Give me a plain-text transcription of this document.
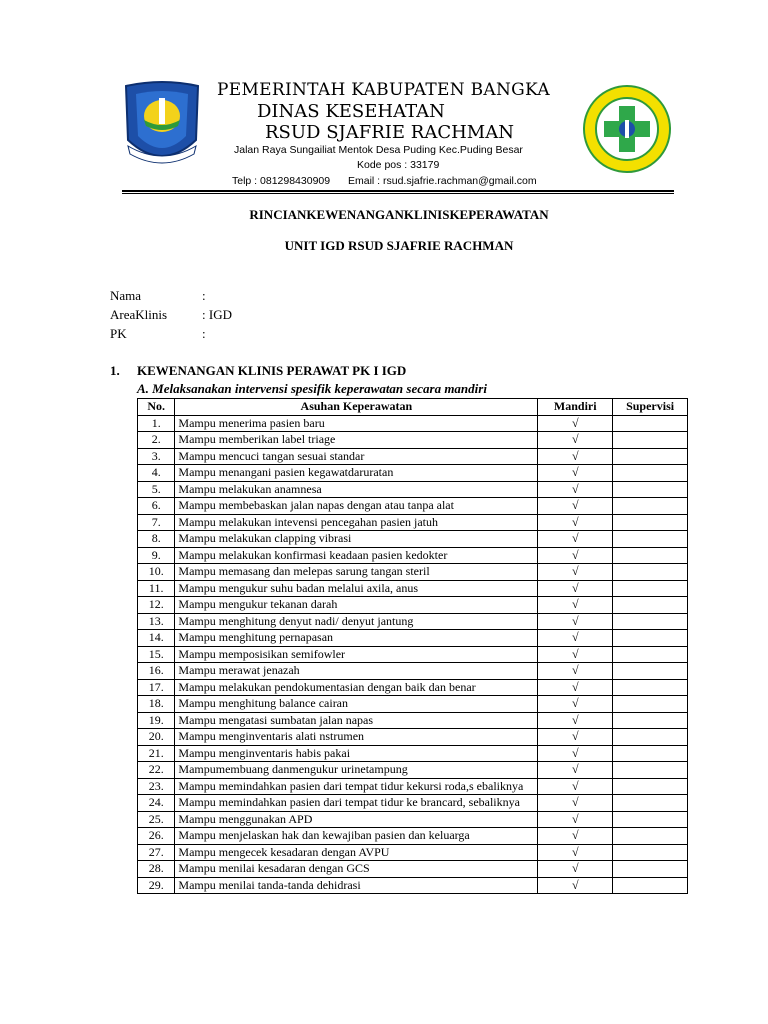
PEMERINTAH KABUPATEN BANGKA
DINAS KESEHATAN
RSUD SJAFRIE RACHMAN
Jalan Raya Sungailiat Mentok Desa Puding Kec.Puding Besar
Kode pos : 33179
Telp : 081298430909 Email : rsud.sjafrie.rachman@gmail.com
RINCIANKEWENANGANKLINISKEPERAWATAN
UNIT IGD RSUD SJAFRIE RACHMAN
Nama	:
AreaKlinis	: IGD
PK	:
1. KEWENANGAN KLINIS PERAWAT PK I IGD
A. Melaksanakan intervensi spesifik keperawatan secara mandiri
No.	Asuhan Keperawatan	Mandiri	Supervisi
1.	Mampu menerima pasien baru	√	
2.	Mampu memberikan label triage	√	
3.	Mampu mencuci tangan sesuai standar	√	
4.	Mampu menangani pasien kegawatdaruratan	√	
5.	Mampu melakukan anamnesa	√	
6.	Mampu membebaskan jalan napas dengan atau tanpa alat	√	
7.	Mampu melakukan intevensi pencegahan pasien jatuh	√	
8.	Mampu melakukan clapping vibrasi	√	
9.	Mampu melakukan konfirmasi keadaan pasien kedokter	√	
10.	Mampu memasang dan melepas sarung tangan steril	√	
11.	Mampu mengukur suhu badan melalui axila, anus	√	
12.	Mampu mengukur tekanan darah	√	
13.	Mampu menghitung denyut nadi/ denyut jantung	√	
14.	Mampu menghitung pernapasan	√	
15.	Mampu memposisikan semifowler	√	
16.	Mampu merawat jenazah	√	
17.	Mampu melakukan pendokumentasian dengan baik dan benar	√	
18.	Mampu menghitung balance cairan	√	
19.	Mampu mengatasi sumbatan jalan napas	√	
20.	Mampu menginventaris alati nstrumen	√	
21.	Mampu menginventaris habis pakai	√	
22.	Mampumembuang danmengukur urinetampung	√	
23.	Mampu memindahkan pasien dari tempat tidur kekursi roda,s ebaliknya	√	
24.	Mampu memindahkan pasien dari tempat tidur ke brancard, sebaliknya	√	
25.	Mampu menggunakan APD	√	
26.	Mampu menjelaskan hak dan kewajiban pasien dan keluarga	√	
27.	Mampu mengecek kesadaran dengan AVPU	√	
28.	Mampu menilai kesadaran dengan GCS	√	
29.	Mampu menilai tanda-tanda dehidrasi	√	
